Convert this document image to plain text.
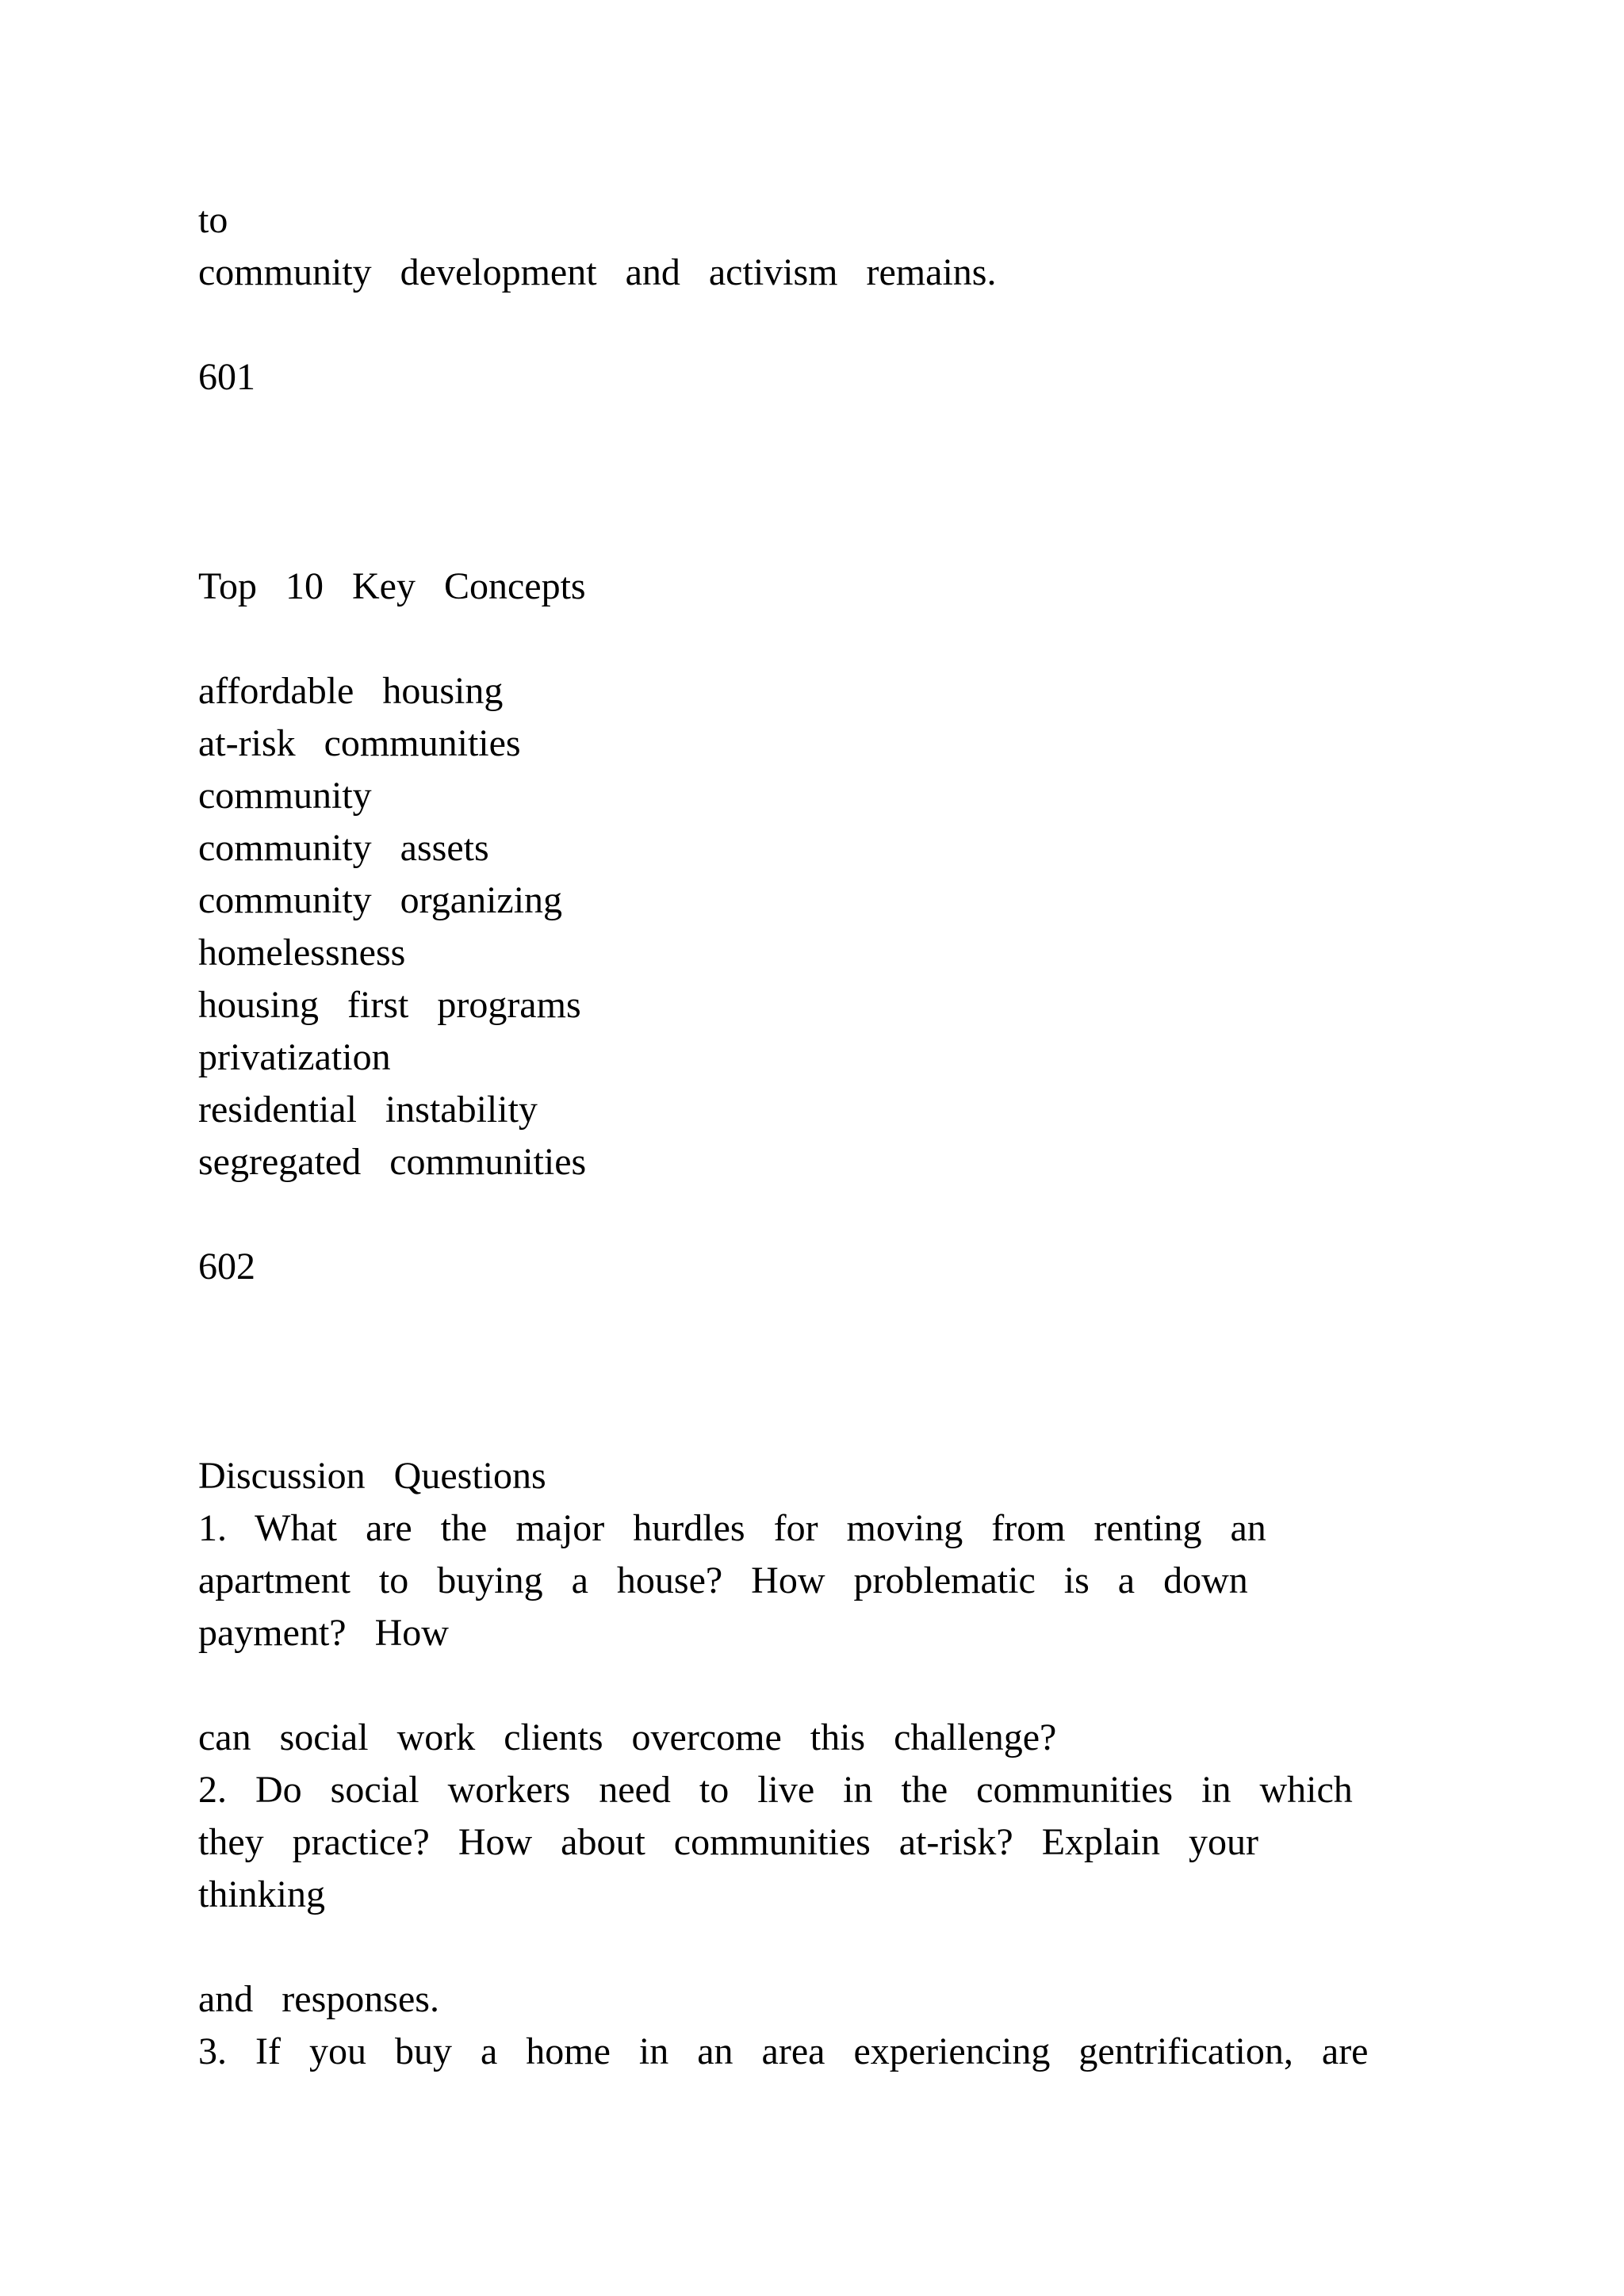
to

community  development  and  activism  remains.

601

Top  10  Key  Concepts

affordable  housing

at-risk  communities

community

community  assets

community  organizing

homelessness

housing  first  programs

privatization

residential  instability

segregated  communities

602

Discussion  Questions

1.  What  are  the  major  hurdles  for  moving  from  renting  an

apartment  to  buying  a  house?  How  problematic  is  a  down

payment?  How

can  social  work  clients  overcome  this  challenge?

2.  Do  social  workers  need  to  live  in  the  communities  in  which

they  practice?  How  about  communities  at-risk?  Explain  your

thinking

and  responses.

3.  If  you  buy  a  home  in  an  area  experiencing  gentrification,  are
